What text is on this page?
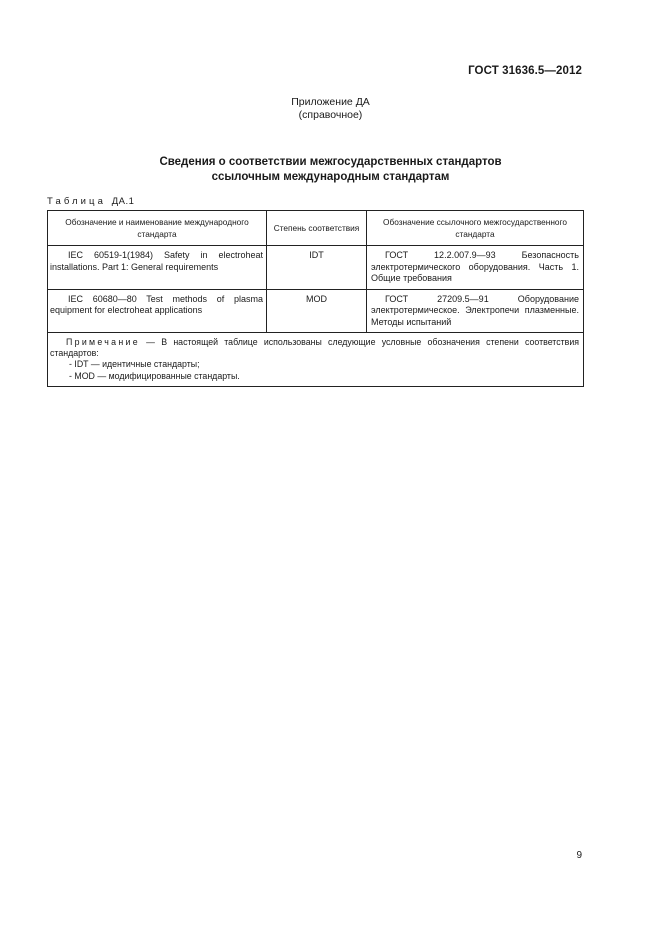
ГОСТ 31636.5—2012
Приложение ДА
(справочное)
Сведения о соответствии межгосударственных стандартов
ссылочным международным стандартам
Таблица ДА.1
Обозначение и наименование международного стандарта	Степень соответствия	Обозначение ссылочного межгосударственного стандарта
IEC 60519-1(1984) Safety in electroheat installations. Part 1: General requirements	IDT	ГОСТ 12.2.007.9—93 Безопасность электротермического оборудования. Часть 1. Общие требования
IEC 60680—80 Test methods of plasma equipment for electroheat applications	MOD	ГОСТ 27209.5—91 Оборудование электротермическое. Электропечи плазменные. Методы испытаний

Примечание — В настоящей таблице использованы следующие условные обозначения степени соответствия стандартов:
- IDT — идентичные стандарты;
- MOD — модифицированные стандарты.		
9
